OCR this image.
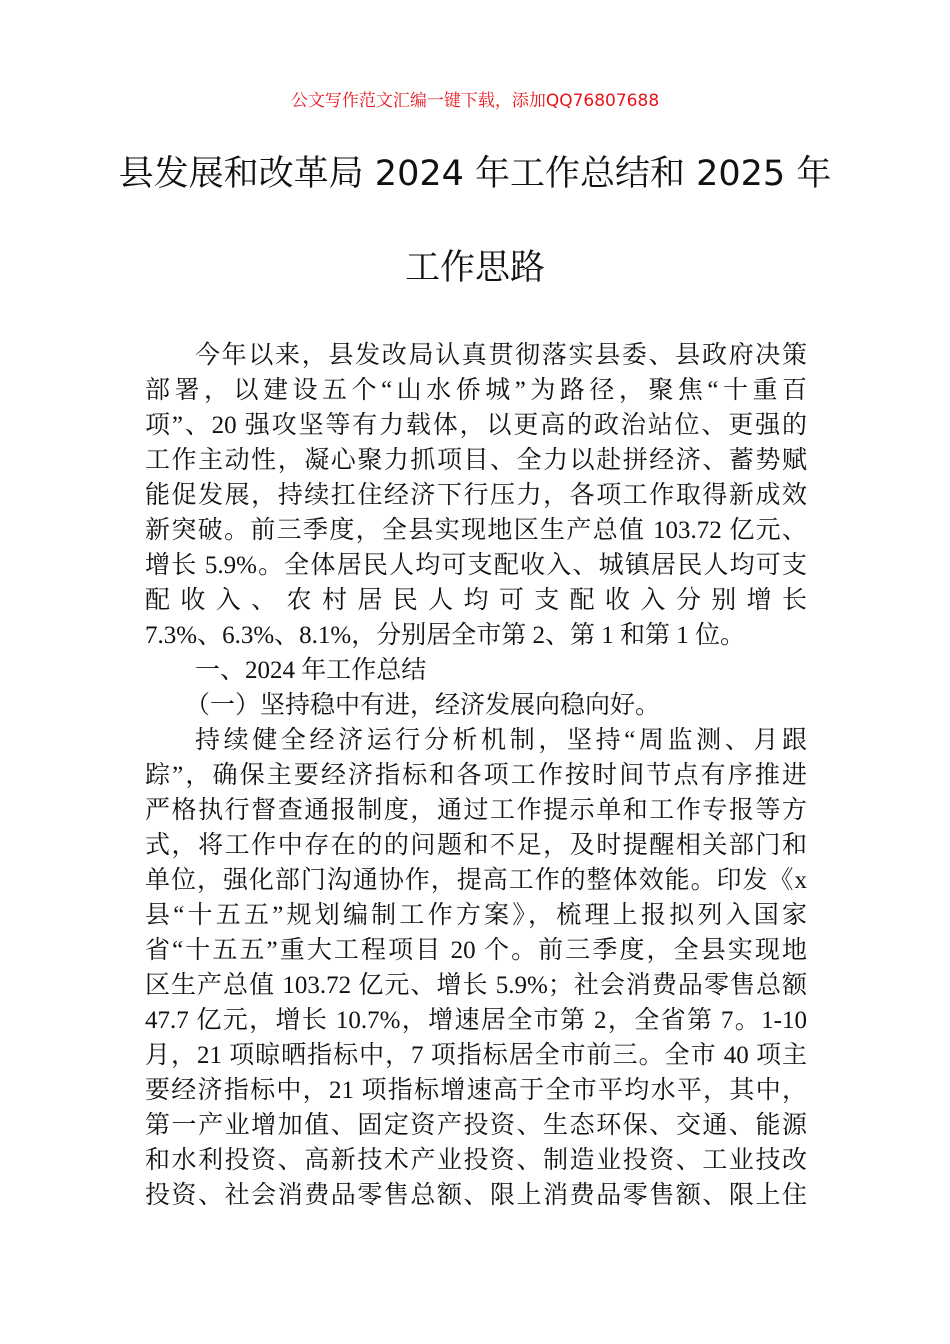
公文写作范文汇编一键下载，添加QQ76807688
县发展和改革局 2024 年工作总结和 2025 年
工作思路
今年以来，县发改局认真贯彻落实县委、县政府决策
部署，以建设五个“山水侨城”为路径，聚焦“十重百
项”、20 强攻坚等有力载体，以更高的政治站位、更强的
工作主动性，凝心聚力抓项目、全力以赴拼经济、蓄势赋
能促发展，持续扛住经济下行压力，各项工作取得新成效
新突破。前三季度，全县实现地区生产总值 103.72 亿元、
增长 5.9%。全体居民人均可支配收入、城镇居民人均可支
配收入、农村居民人均可支配收入分别增长
7.3%、6.3%、8.1%，分别居全市第 2、第 1 和第 1 位。
一、2024 年工作总结
（一）坚持稳中有进，经济发展向稳向好。
持续健全经济运行分析机制，坚持“周监测、月跟
踪”，确保主要经济指标和各项工作按时间节点有序推进
严格执行督查通报制度，通过工作提示单和工作专报等方
式，将工作中存在的的问题和不足，及时提醒相关部门和
单位，强化部门沟通协作，提高工作的整体效能。印发《x
县“十五五”规划编制工作方案》，梳理上报拟列入国家
省“十五五”重大工程项目 20 个。前三季度，全县实现地
区生产总值 103.72 亿元、增长 5.9%；社会消费品零售总额
47.7 亿元，增长 10.7%，增速居全市第 2，全省第 7。1-10
月，21 项晾晒指标中，7 项指标居全市前三。全市 40 项主
要经济指标中，21 项指标增速高于全市平均水平，其中，
第一产业增加值、固定资产投资、生态环保、交通、能源
和水利投资、高新技术产业投资、制造业投资、工业技改
投资、社会消费品零售总额、限上消费品零售额、限上住
